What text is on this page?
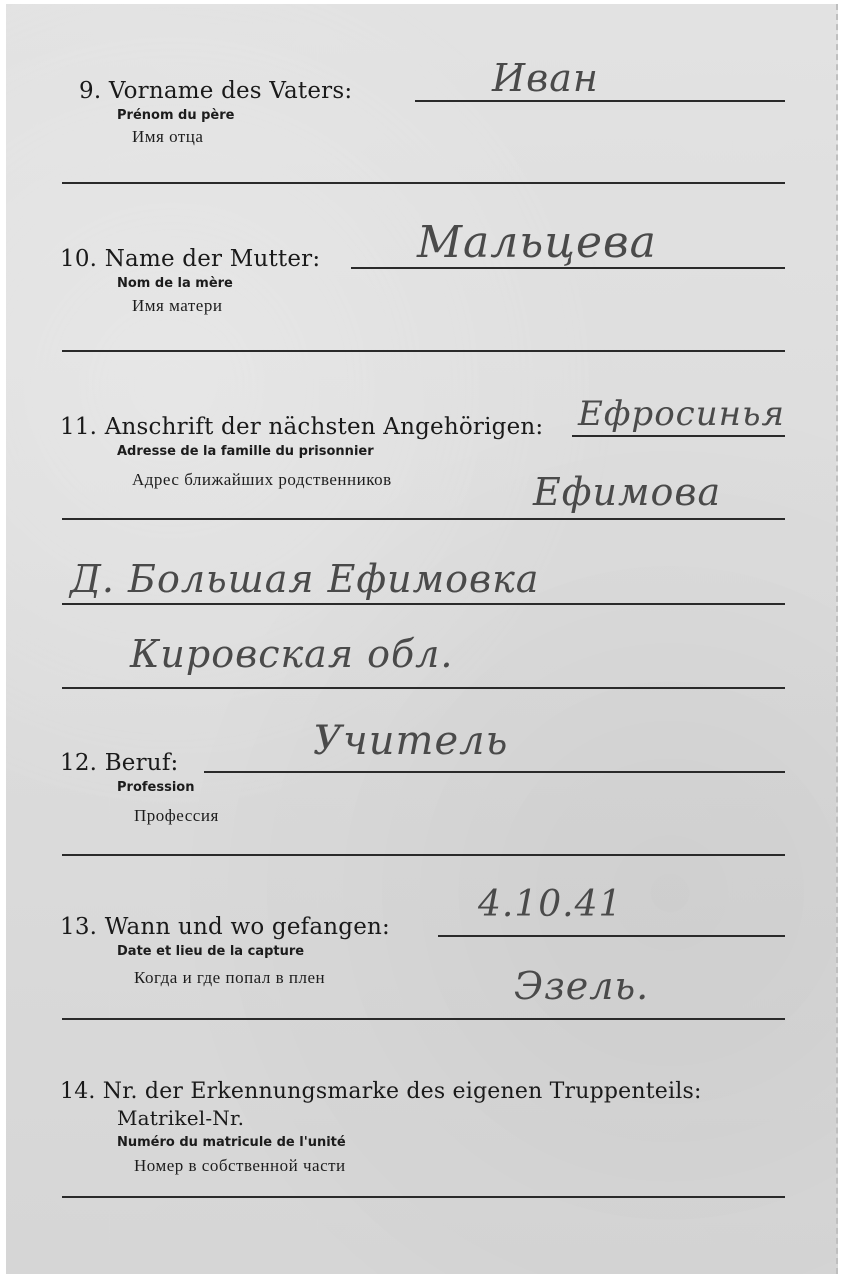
9. Vorname des Vaters:
Prénom du père
Имя отца
Иван
10. Name der Mutter:
Nom de la mère
Имя матери
Мальцева
11. Anschrift der nächsten Angehörigen:
Adresse de la famille du prisonnier
Адрес ближайших родственников
Ефросинья
Ефимова
Д. Большая Ефимовка
Кировская обл.
12. Beruf:
Profession
Профессия
Учитель
13. Wann und wo gefangen:
Date et lieu de la capture
Когда и где попал в плен
4.10.41
Эзель.
14. Nr. der Erkennungsmarke des eigenen Truppenteils:
Matrikel-Nr.
Numéro du matricule de l'unité
Номер в собственной части
